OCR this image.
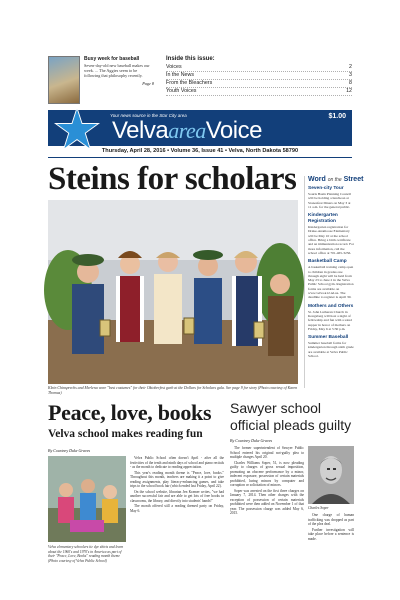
Busy week for baseball
Seven-day-old new baseball makes our week. ... The Aggies seem to be following that philosophy recently.
Page 8
Inside this issue:
Voices	2
In the News	3
From the Bleachers	8
Youth Voices	12
Your news source in the Star City area	$1.00
VelvaareaVoice
Thursday, April 28, 2016 • Volume 36, Issue 41 • Velva, North Dakota 58790
Steins for scholars
Klein Chinsprechs and Merlena wore "best costumes" for their Oktoberfest garb at the Dollars for Scholars gala. See page 9 for story (Photo courtesy of Karen Thomas)
Word on the Street
Seven-city Tour
Souris Basin Planning Council will be holding a luncheon at Stonesfeat Diners on May 3 at 11 a.m. for the general public.
Kindergarten Registration
Kindergarten registration for Drake-Anamoose Elementary will be May 10 at the school office. Bring a birth certificate and an immunization record. For more information, call the school office at 701-465-3256.
Basketball Camp
A basketball training camp open to children in grades one through eight will be held from May 23 to June 2 in the Velva Public School gym. Registration forms are available on www.velva.k12.nd.us. The deadline to register is April 30.
Mothers and Others
St. John Lutheran Church in Kongsberg will host a night of fellowship and fun with a salad supper in honor of mothers on Friday, May 6 at 5:30 p.m.
Summer Baseball
Summer baseball forms for kindergarten through sixth grade are available at Velva Public School.
Peace, love, books
Velva school makes reading fun
By Courtney Duke Graves
Velva elementary schoolers tie dye shirts and learn about the 1960's and 1970's in America as part of their "Peace, Love, Books" reading month theme (Photo courtesy of Velva Public School)

Velva Public School often doesn't April - after all the festivities of the tenth and ninth days of school and piano recitals - as the month to dedicate to reading appreciation.

This year's reading month theme is "Peace, love, books." Throughout this month, teachers are making it a point to give reading assignments, play literacy-enhancing games, and take trips to the school book fair (which ended last Friday, April 22).

On the school website, librarian Jen Kramer writes, "we had another successful fair and are able to get lots of free books in classrooms, the library, and directly into students' hands!"

The month offered still a reading themed party on Friday, May 6.

Sawyer school official pleads guilty
By Courtney Duke Graves

The former superintendent of Sawyer Public School entered his original not-guilty plea to multiple charges April 20.

Charles Williams Soper, 51, is now pleading guilty to charges of gross sexual imposition, promoting an obscene performance by a minor, indecent exposure, possession of certain materials prohibited, luring minors by computer and corruption or solicitation of minors.

Soper was arrested on the first three charges on January 7, 2014. Then other charges with the exception of possession of certain materials prohibited were then added on November 1 of that year. The possession charge was added May 6, 2015.

Charles Soper

One charge of human trafficking was dropped as part of the plea deal.

Further investigation will take place before a sentence is made.
